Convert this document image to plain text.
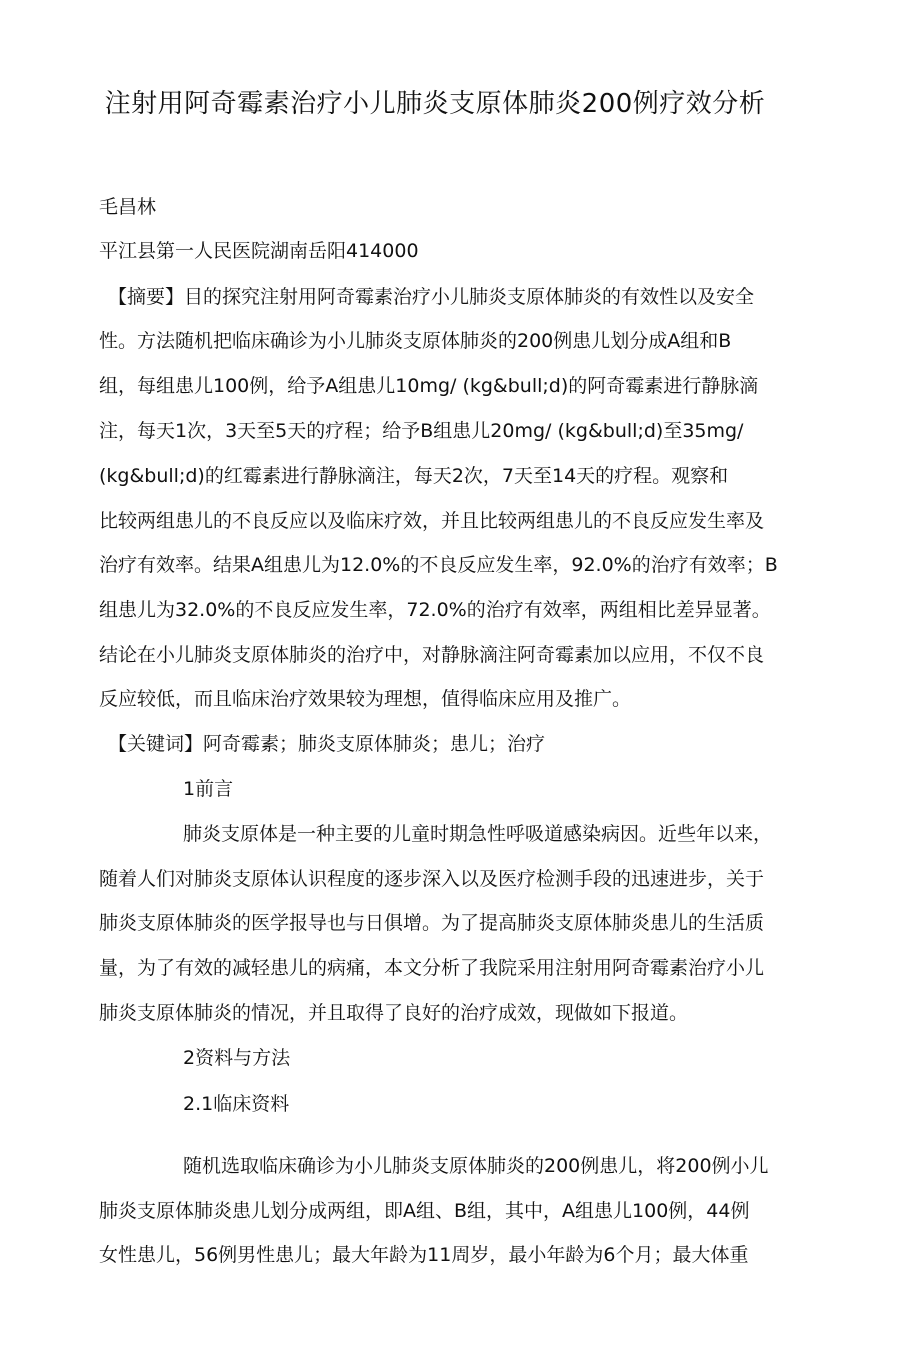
注射用阿奇霉素治疗小儿肺炎支原体肺炎200例疗效分析
毛昌林
平江县第一人民医院湖南岳阳414000
【摘要】目的探究注射用阿奇霉素治疗小儿肺炎支原体肺炎的有效性以及安全
性。方法随机把临床确诊为小儿肺炎支原体肺炎的200例患儿划分成A组和B
组，每组患儿100例，给予A组患儿10mg/ (kg&bull;d)的阿奇霉素进行静脉滴
注，每天1次，3天至5天的疗程；给予B组患儿20mg/ (kg&bull;d)至35mg/
(kg&bull;d)的红霉素进行静脉滴注，每天2次，7天至14天的疗程。观察和
比较两组患儿的不良反应以及临床疗效，并且比较两组患儿的不良反应发生率及
治疗有效率。结果A组患儿为12.0%的不良反应发生率，92.0%的治疗有效率；B
组患儿为32.0%的不良反应发生率，72.0%的治疗有效率，两组相比差异显著。
结论在小儿肺炎支原体肺炎的治疗中，对静脉滴注阿奇霉素加以应用，不仅不良
反应较低，而且临床治疗效果较为理想，值得临床应用及推广。
【关键词】阿奇霉素；肺炎支原体肺炎；患儿；治疗
1前言
肺炎支原体是一种主要的儿童时期急性呼吸道感染病因。近些年以来，
随着人们对肺炎支原体认识程度的逐步深入以及医疗检测手段的迅速进步，关于
肺炎支原体肺炎的医学报导也与日俱增。为了提高肺炎支原体肺炎患儿的生活质
量，为了有效的减轻患儿的病痛，本文分析了我院采用注射用阿奇霉素治疗小儿
肺炎支原体肺炎的情况，并且取得了良好的治疗成效，现做如下报道。
2资料与方法
2.1临床资料
随机选取临床确诊为小儿肺炎支原体肺炎的200例患儿，将200例小儿
肺炎支原体肺炎患儿划分成两组，即A组、B组，其中，A组患儿100例，44例
女性患儿，56例男性患儿；最大年龄为11周岁，最小年龄为6个月；最大体重
